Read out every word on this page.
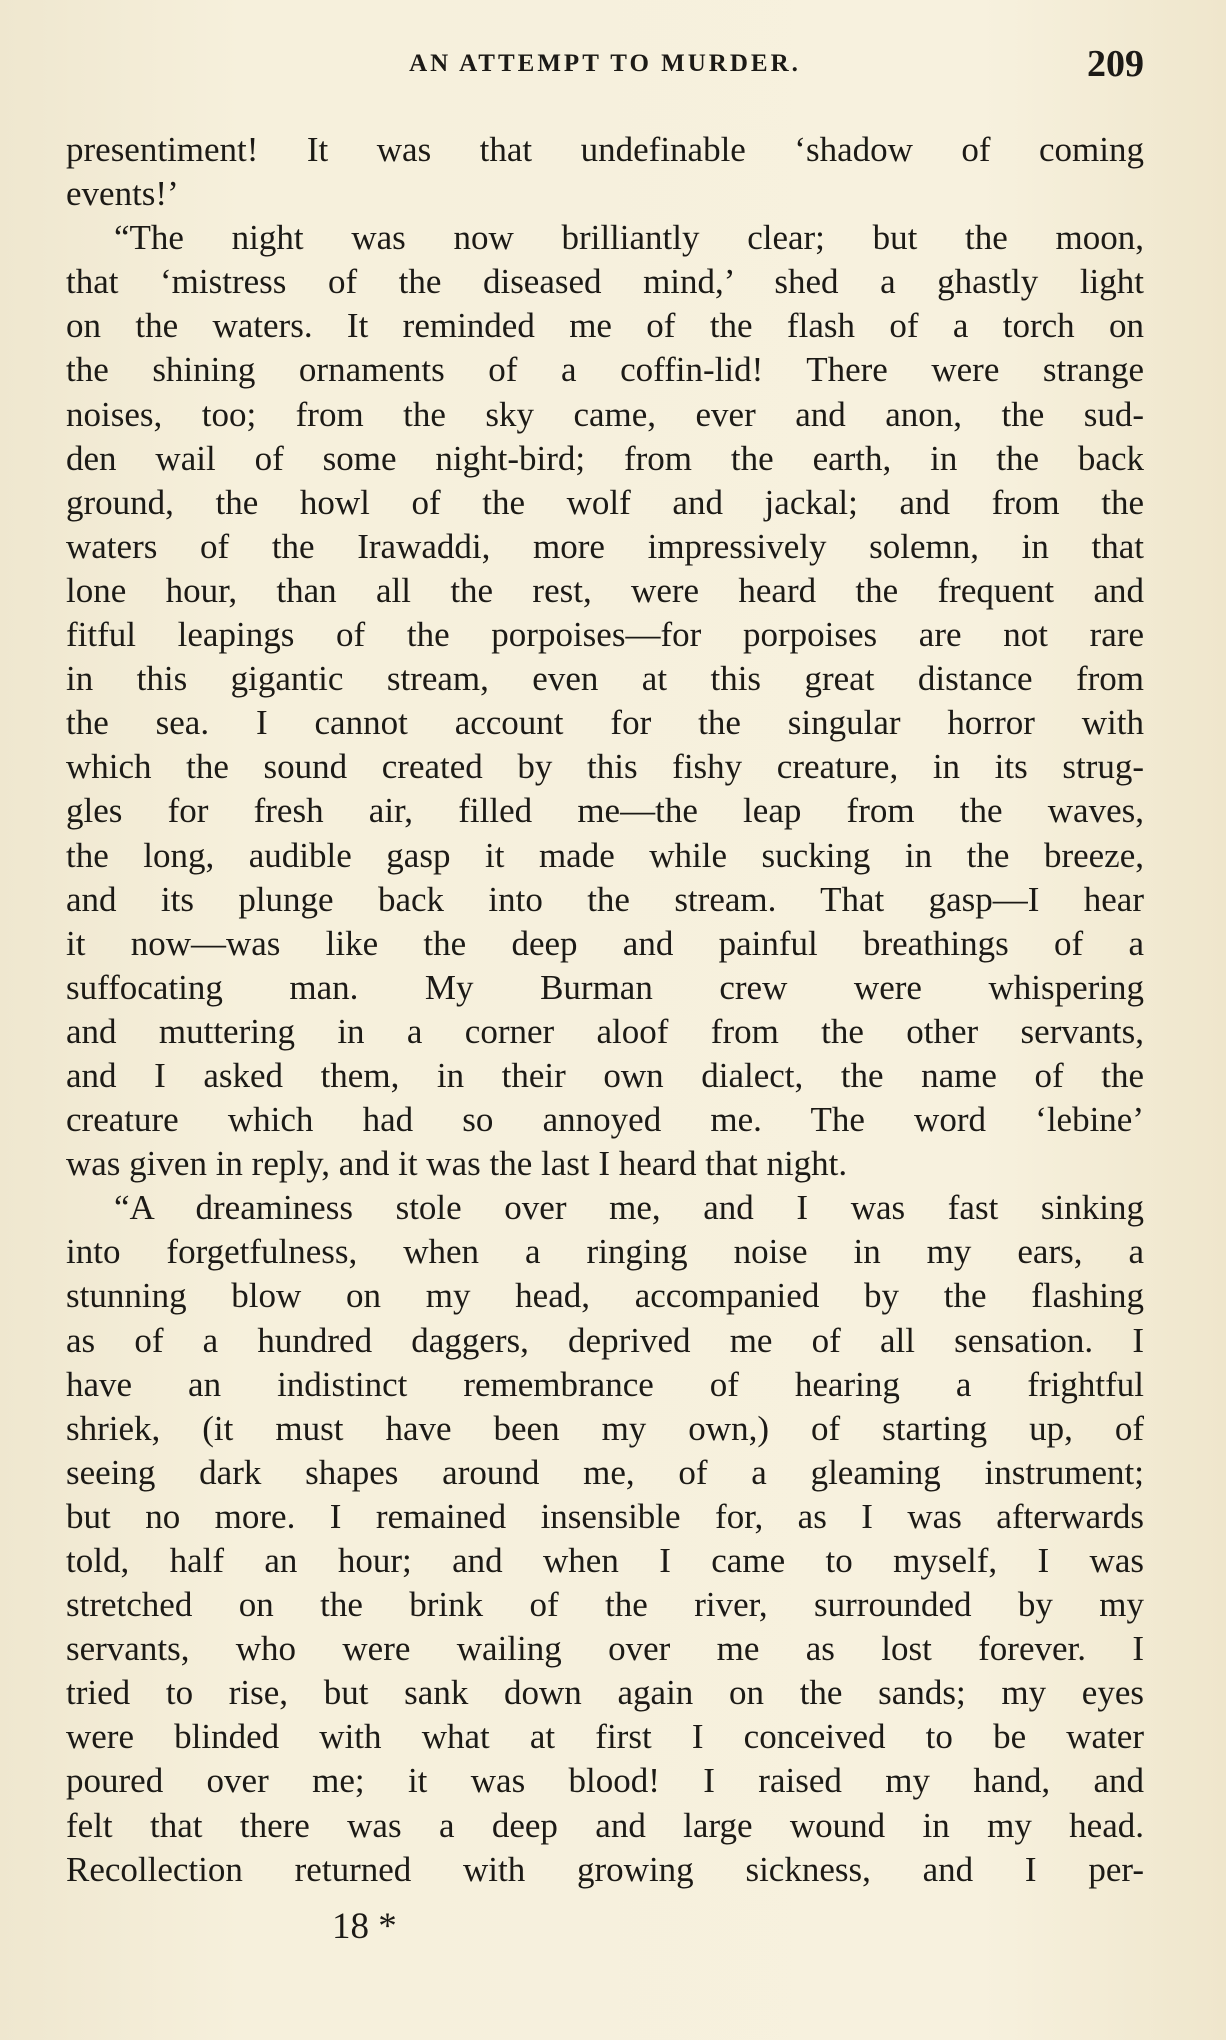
AN ATTEMPT TO MURDER.	209
presentiment! It was that undefinable ‘shadow of coming
events!’
“The night was now brilliantly clear; but the moon,
that ‘mistress of the diseased mind,’ shed a ghastly light
on the waters. It reminded me of the flash of a torch on
the shining ornaments of a coffin-lid! There were strange
noises, too; from the sky came, ever and anon, the sud-
den wail of some night-bird; from the earth, in the back
ground, the howl of the wolf and jackal; and from the
waters of the Irawaddi, more impressively solemn, in that
lone hour, than all the rest, were heard the frequent and
fitful leapings of the porpoises—for porpoises are not rare
in this gigantic stream, even at this great distance from
the sea. I cannot account for the singular horror with
which the sound created by this fishy creature, in its strug-
gles for fresh air, filled me—the leap from the waves,
the long, audible gasp it made while sucking in the breeze,
and its plunge back into the stream. That gasp—I hear
it now—was like the deep and painful breathings of a
suffocating man. My Burman crew were whispering
and muttering in a corner aloof from the other servants,
and I asked them, in their own dialect, the name of the
creature which had so annoyed me. The word ‘lebine’
was given in reply, and it was the last I heard that night.
“A dreaminess stole over me, and I was fast sinking
into forgetfulness, when a ringing noise in my ears, a
stunning blow on my head, accompanied by the flashing
as of a hundred daggers, deprived me of all sensation. I
have an indistinct remembrance of hearing a frightful
shriek, (it must have been my own,) of starting up, of
seeing dark shapes around me, of a gleaming instrument;
but no more. I remained insensible for, as I was afterwards
told, half an hour; and when I came to myself, I was
stretched on the brink of the river, surrounded by my
servants, who were wailing over me as lost forever. I
tried to rise, but sank down again on the sands; my eyes
were blinded with what at first I conceived to be water
poured over me; it was blood! I raised my hand, and
felt that there was a deep and large wound in my head.
Recollection returned with growing sickness, and I per-
18 *
